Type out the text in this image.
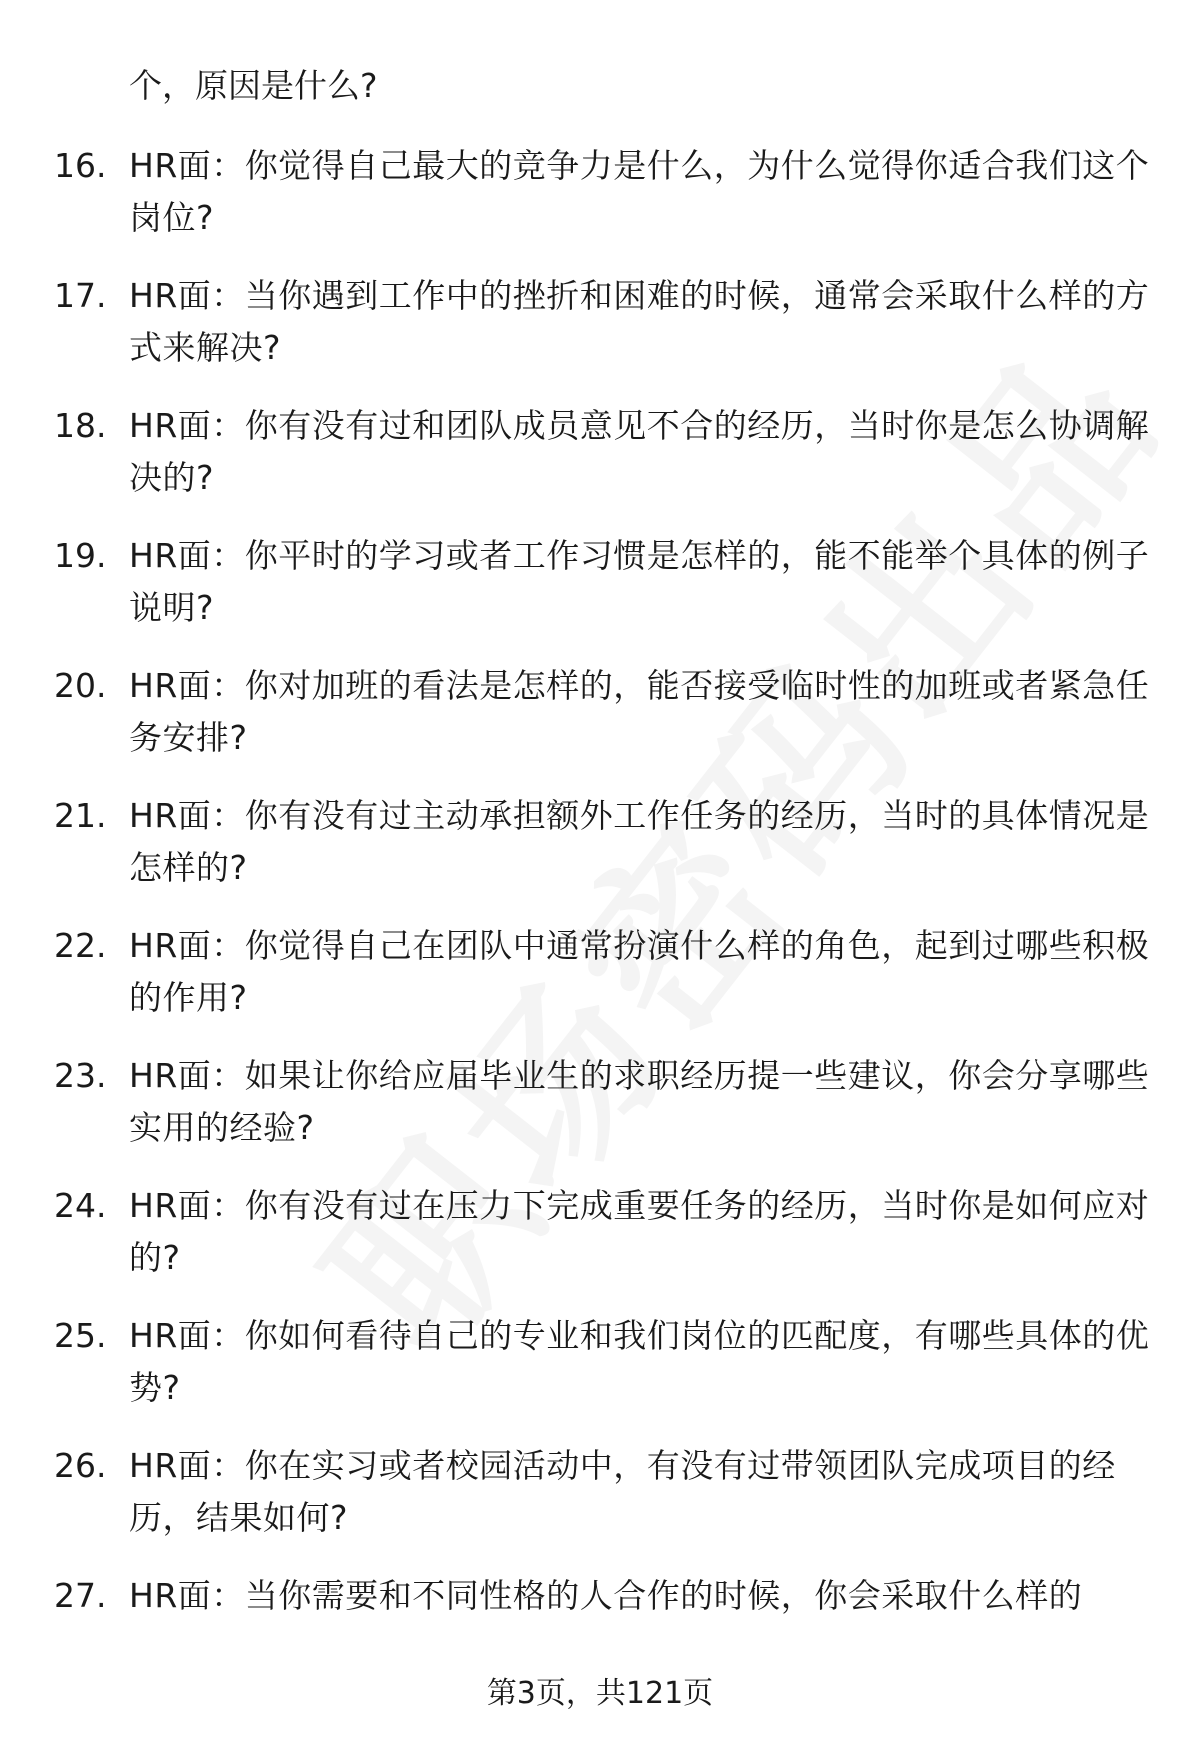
个，原因是什么?
16. HR面：你觉得自己最大的竞争力是什么，为什么觉得你适合我们这个岗位?
17. HR面：当你遇到工作中的挫折和困难的时候，通常会采取什么样的方式来解决?
18. HR面：你有没有过和团队成员意见不合的经历，当时你是怎么协调解决的?
19. HR面：你平时的学习或者工作习惯是怎样的，能不能举个具体的例子说明?
20. HR面：你对加班的看法是怎样的，能否接受临时性的加班或者紧急任务安排?
21. HR面：你有没有过主动承担额外工作任务的经历，当时的具体情况是怎样的?
22. HR面：你觉得自己在团队中通常扮演什么样的角色，起到过哪些积极的作用?
23. HR面：如果让你给应届毕业生的求职经历提一些建议，你会分享哪些实用的经验?
24. HR面：你有没有过在压力下完成重要任务的经历，当时你是如何应对的?
25. HR面：你如何看待自己的专业和我们岗位的匹配度，有哪些具体的优势?
26. HR面：你在实习或者校园活动中，有没有过带领团队完成项目的经历，结果如何?
27. HR面：当你需要和不同性格的人合作的时候，你会采取什么样的
第3页，共121页
